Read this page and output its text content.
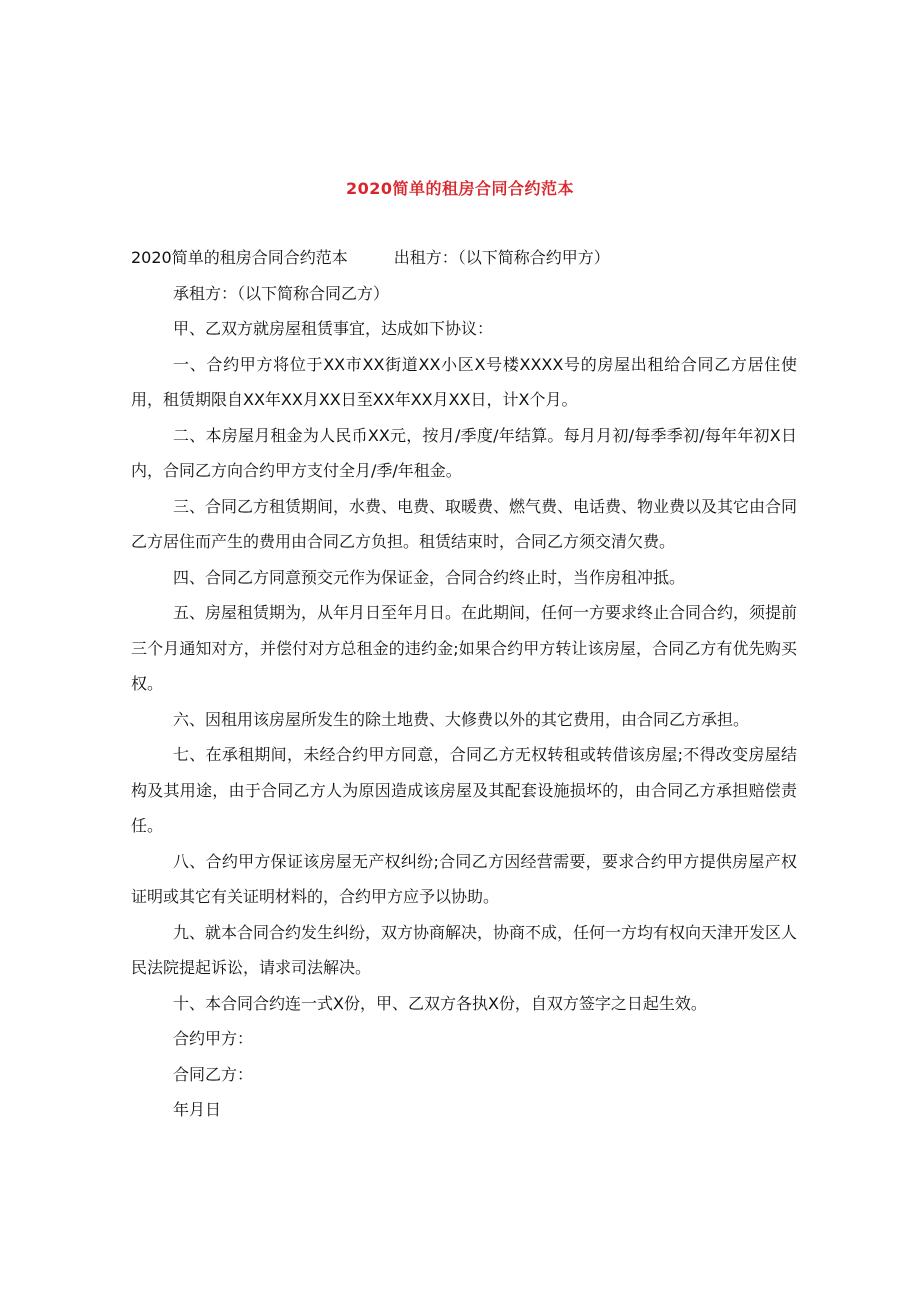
2020简单的租房合同合约范本
2020简单的租房合同合约范本	出租方：（以下简称合约甲方）
承租方：（以下简称合同乙方）
甲、乙双方就房屋租赁事宜，达成如下协议：

一、合约甲方将位于XX市XX街道XX小区X号楼XXXX号的房屋出租给合同乙方居住使用，租赁期限自XX年XX月XX日至XX年XX月XX日，计X个月。

二、本房屋月租金为人民币XX元，按月/季度/年结算。每月月初/每季季初/每年年初X日内，合同乙方向合约甲方支付全月/季/年租金。

三、合同乙方租赁期间，水费、电费、取暖费、燃气费、电话费、物业费以及其它由合同乙方居住而产生的费用由合同乙方负担。租赁结束时，合同乙方须交清欠费。

四、合同乙方同意预交元作为保证金，合同合约终止时，当作房租冲抵。

五、房屋租赁期为，从年月日至年月日。在此期间，任何一方要求终止合同合约，须提前三个月通知对方，并偿付对方总租金的违约金;如果合约甲方转让该房屋，合同乙方有优先购买权。

六、因租用该房屋所发生的除土地费、大修费以外的其它费用，由合同乙方承担。

七、在承租期间，未经合约甲方同意，合同乙方无权转租或转借该房屋;不得改变房屋结构及其用途，由于合同乙方人为原因造成该房屋及其配套设施损坏的，由合同乙方承担赔偿责任。

八、合约甲方保证该房屋无产权纠纷;合同乙方因经营需要，要求合约甲方提供房屋产权证明或其它有关证明材料的，合约甲方应予以协助。

九、就本合同合约发生纠纷，双方协商解决，协商不成，任何一方均有权向天津开发区人民法院提起诉讼，请求司法解决。

十、本合同合约连一式X份，甲、乙双方各执X份，自双方签字之日起生效。

合约甲方：
合同乙方：
年月日
